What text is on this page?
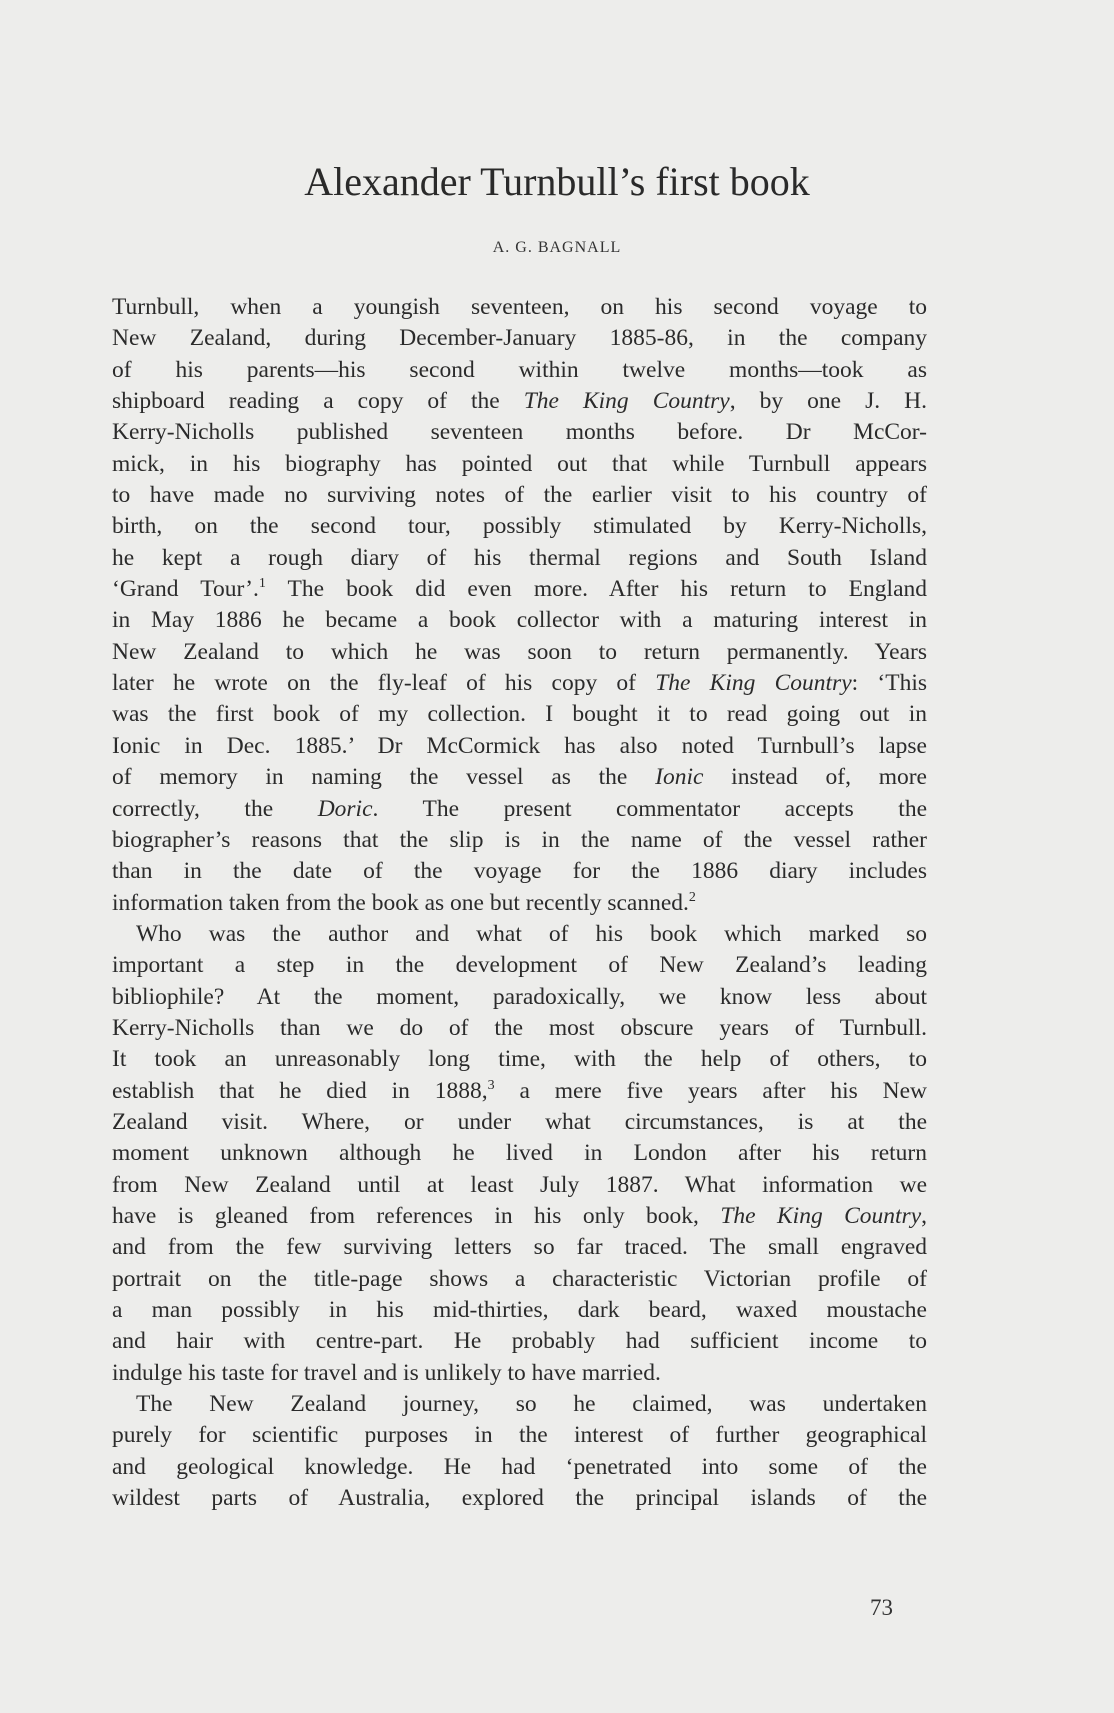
Alexander Turnbull’s first book
A. G. BAGNALL
Turnbull, when a youngish seventeen, on his second voyage to
New Zealand, during December-January 1885-86, in the company
of his parents—his second within twelve months—took as
shipboard reading a copy of the The King Country, by one J. H.
Kerry-Nicholls published seventeen months before. Dr McCor-
mick, in his biography has pointed out that while Turnbull appears
to have made no surviving notes of the earlier visit to his country of
birth, on the second tour, possibly stimulated by Kerry-Nicholls,
he kept a rough diary of his thermal regions and South Island
‘Grand Tour’.$^1$ The book did even more. After his return to England
in May 1886 he became a book collector with a maturing interest in
New Zealand to which he was soon to return permanently. Years
later he wrote on the fly-leaf of his copy of The King Country: ‘This
was the first book of my collection. I bought it to read going out in
Ionic in Dec. 1885.’ Dr McCormick has also noted Turnbull’s lapse
of memory in naming the vessel as the Ionic instead of, more
correctly, the Doric. The present commentator accepts the
biographer’s reasons that the slip is in the name of the vessel rather
than in the date of the voyage for the 1886 diary includes
information taken from the book as one but recently scanned.$^2$
Who was the author and what of his book which marked so
important a step in the development of New Zealand’s leading
bibliophile? At the moment, paradoxically, we know less about
Kerry-Nicholls than we do of the most obscure years of Turnbull.
It took an unreasonably long time, with the help of others, to
establish that he died in 1888,$^3$ a mere five years after his New
Zealand visit. Where, or under what circumstances, is at the
moment unknown although he lived in London after his return
from New Zealand until at least July 1887. What information we
have is gleaned from references in his only book, The King Country,
and from the few surviving letters so far traced. The small engraved
portrait on the title-page shows a characteristic Victorian profile of
a man possibly in his mid-thirties, dark beard, waxed moustache
and hair with centre-part. He probably had sufficient income to
indulge his taste for travel and is unlikely to have married.
The New Zealand journey, so he claimed, was undertaken
purely for scientific purposes in the interest of further geographical
and geological knowledge. He had ‘penetrated into some of the
wildest parts of Australia, explored the principal islands of the
73
